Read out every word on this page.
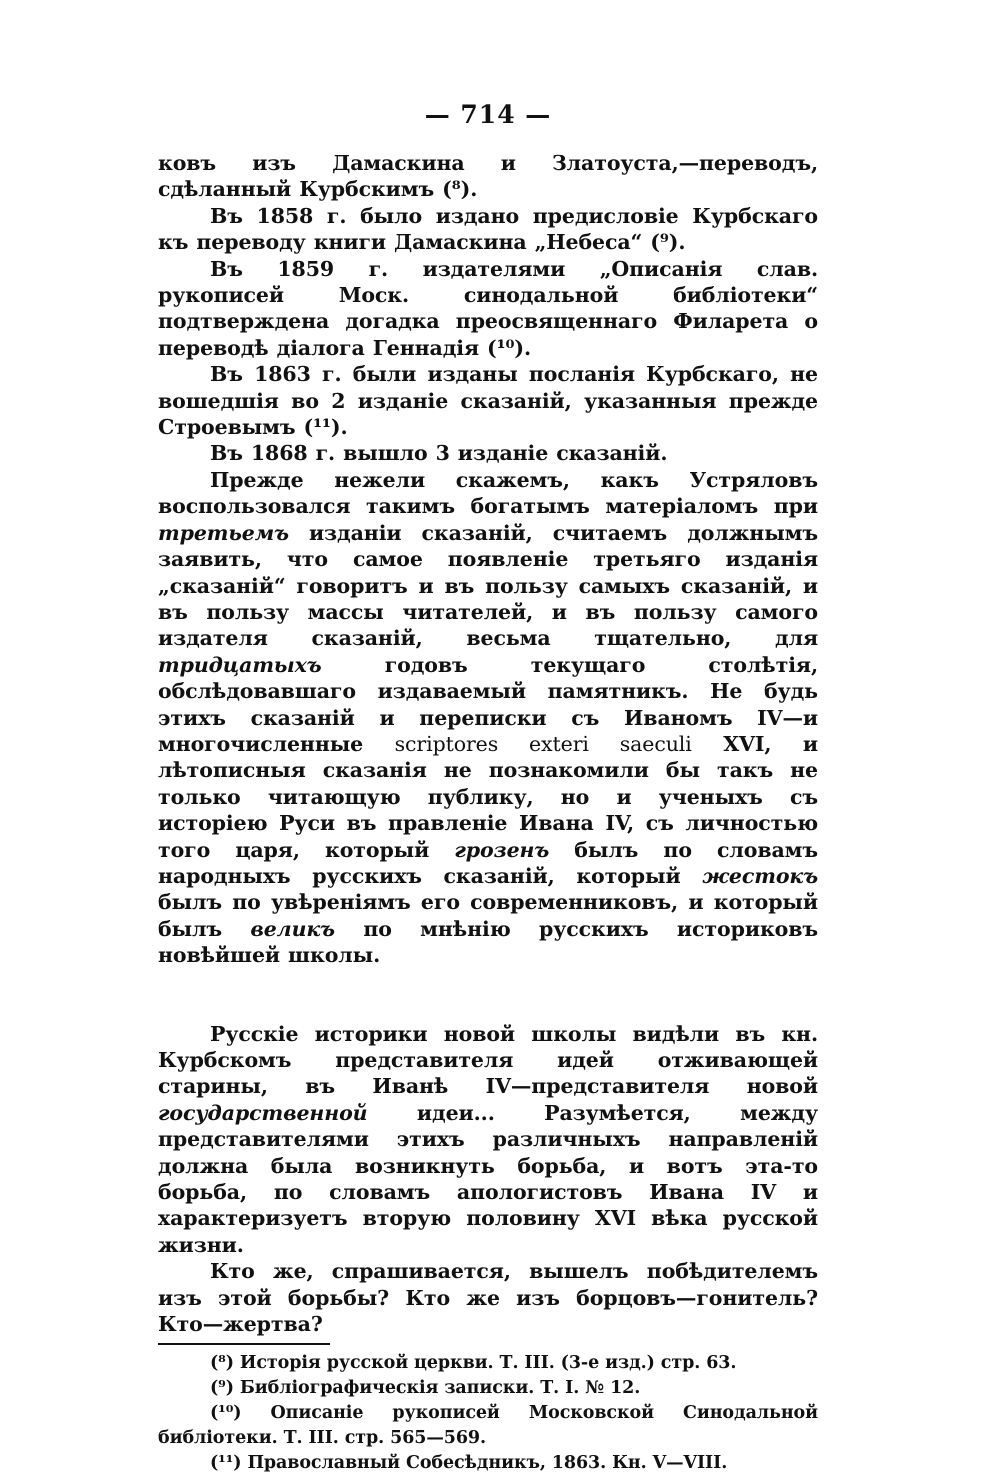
— 714 —

ковъ изъ Дамаскина и Златоуста,—переводъ, сдѣланный Курбскимъ (⁸).

Въ 1858 г. было издано предисловіе Курбскаго къ переводу книги Дамаскина „Небеса“ (⁹).

Въ 1859 г. издателями „Описанія слав. рукописей Моск. синодальной библіотеки“ подтверждена догадка преосвященнаго Филарета о переводѣ діалога Геннадія (¹⁰).

Въ 1863 г. были изданы посланія Курбскаго, не вошедшія во 2 изданіе сказаній, указанныя прежде Строевымъ (¹¹).

Въ 1868 г. вышло 3 изданіе сказаній.

Прежде нежели скажемъ, какъ Устряловъ воспользовался такимъ богатымъ матеріаломъ при третьемъ изданіи сказаній, считаемъ должнымъ заявить, что самое появленіе третьяго изданія „сказаній“ говоритъ и въ пользу самыхъ сказаній, и въ пользу массы читателей, и въ пользу самого издателя сказаній, весьма тщательно, для тридцатыхъ годовъ текущаго столѣтія, обслѣдовавшаго издаваемый памятникъ. Не будь этихъ сказаній и переписки съ Иваномъ IV—и многочисленные scriptores exteri saeculi XVI, и лѣтописныя сказанія не познакомили бы такъ не только читающую публику, но и ученыхъ съ исторіею Руси въ правленіе Ивана IV, съ личностью того царя, который грозенъ былъ по словамъ народныхъ русскихъ сказаній, который жестокъ былъ по увѣреніямъ его современниковъ, и который былъ великъ по мнѣнію русскихъ историковъ новѣйшей школы.

Русскіе историки новой школы видѣли въ кн. Курбскомъ представителя идей отживающей старины, въ Иванѣ IV—представителя новой государственной идеи... Разумѣется, между представителями этихъ различныхъ направленій должна была возникнуть борьба, и вотъ эта-то борьба, по словамъ апологистовъ Ивана IV и характеризуетъ вторую половину XVI вѣка русской жизни.

Кто же, спрашивается, вышелъ побѣдителемъ изъ этой борьбы? Кто же изъ борцовъ—гонитель? Кто—жертва?

(⁸) Исторія русской церкви. Т. III. (3-е изд.) стр. 63.

(⁹) Библіографическія записки. Т. I. № 12.

(¹⁰) Описаніе рукописей Московской Синодальной библіотеки. Т. III. стр. 565—569.

(¹¹) Православный Собесѣдникъ, 1863. Кн. V—VIII.
